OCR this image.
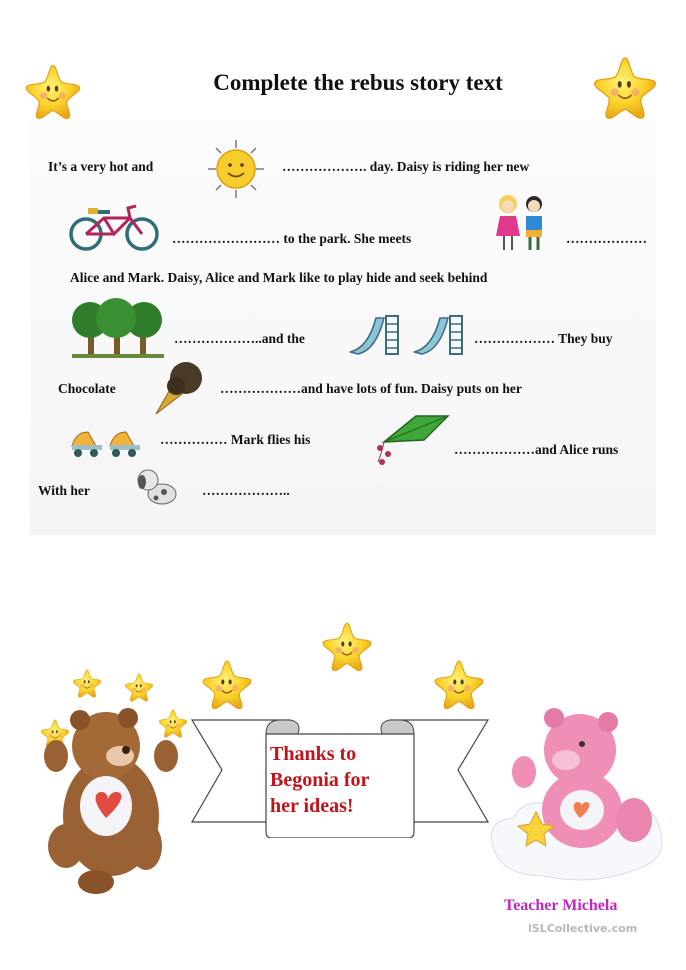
Complete the rebus story text
It’s a very hot and	………………. day. Daisy is riding her new
…………………… to the park. She meets	………………
Alice and Mark. Daisy, Alice and Mark like to play hide and seek behind
………………..and the	……………… They buy
Chocolate	………………and have lots of fun. Daisy puts on her
…………… Mark flies his
………………and Alice runs
With her	………………..
Thanks to
Begonia for
her ideas!
Teacher Michela
iSLCollective.com
